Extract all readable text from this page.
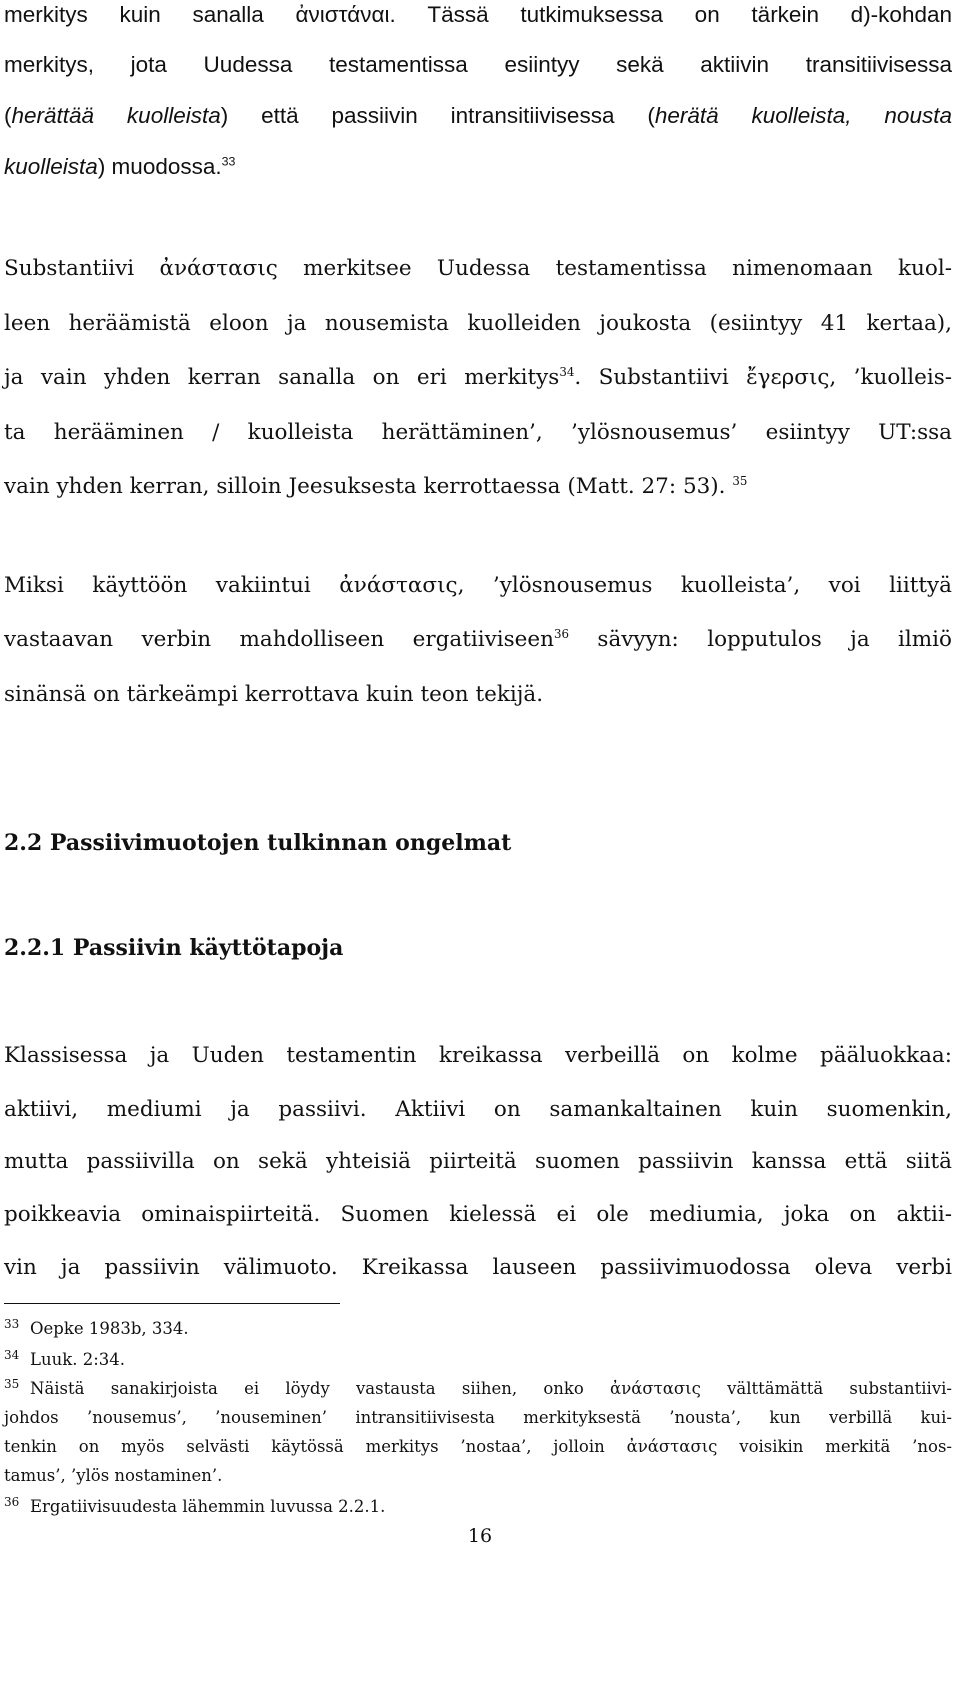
merkitys kuin sanalla ἀνιστάναι. Tässä tutkimuksessa on tärkein d)-kohdan
merkitys, jota Uudessa testamentissa esiintyy sekä aktiivin transitiivisessa
(herättää kuolleista) että passiivin intransitiivisessa (herätä kuolleista, nousta
kuolleista) muodossa.$^{33}$
Substantiivi ἀνάστασις merkitsee Uudessa testamentissa nimenomaan kuol-
leen heräämistä eloon ja nousemista kuolleiden joukosta (esiintyy 41 kertaa),
ja vain yhden kerran sanalla on eri merkitys$^{34}$. Substantiivi ἔγερσις, ’kuolleis-
ta herääminen / kuolleista herättäminen’, ’ylösnousemus’ esiintyy UT:ssa
vain yhden kerran, silloin Jeesuksesta kerrottaessa (Matt. 27: 53). $^{35}$
Miksi käyttöön vakiintui ἀνάστασις, ’ylösnousemus kuolleista’, voi liittyä
vastaavan verbin mahdolliseen ergatiiviseen$^{36}$ sävyyn: lopputulos ja ilmiö
sinänsä on tärkeämpi kerrottava kuin teon tekijä.
2.2 Passiivimuotojen tulkinnan ongelmat
2.2.1 Passiivin käyttötapoja
Klassisessa ja Uuden testamentin kreikassa verbeillä on kolme pääluokkaa:
aktiivi, mediumi ja passiivi. Aktiivi on samankaltainen kuin suomenkin,
mutta passiivilla on sekä yhteisiä piirteitä suomen passiivin kanssa että siitä
poikkeavia ominaispiirteitä. Suomen kielessä ei ole mediumia, joka on aktii-
vin ja passiivin välimuoto. Kreikassa lauseen passiivimuodossa oleva verbi
33 Oepke 1983b, 334.
34 Luuk. 2:34.
35 Näistä sanakirjoista ei löydy vastausta siihen, onko ἀνάστασις välttämättä substantiivi-
johdos ’nousemus’, ’nouseminen’ intransitiivisesta merkityksestä ’nousta’, kun verbillä kui-
tenkin on myös selvästi käytössä merkitys ’nostaa’, jolloin ἀνάστασις voisikin merkitä ’nos-
tamus’, ’ylös nostaminen’.
36 Ergatiivisuudesta lähemmin luvussa 2.2.1.
16
